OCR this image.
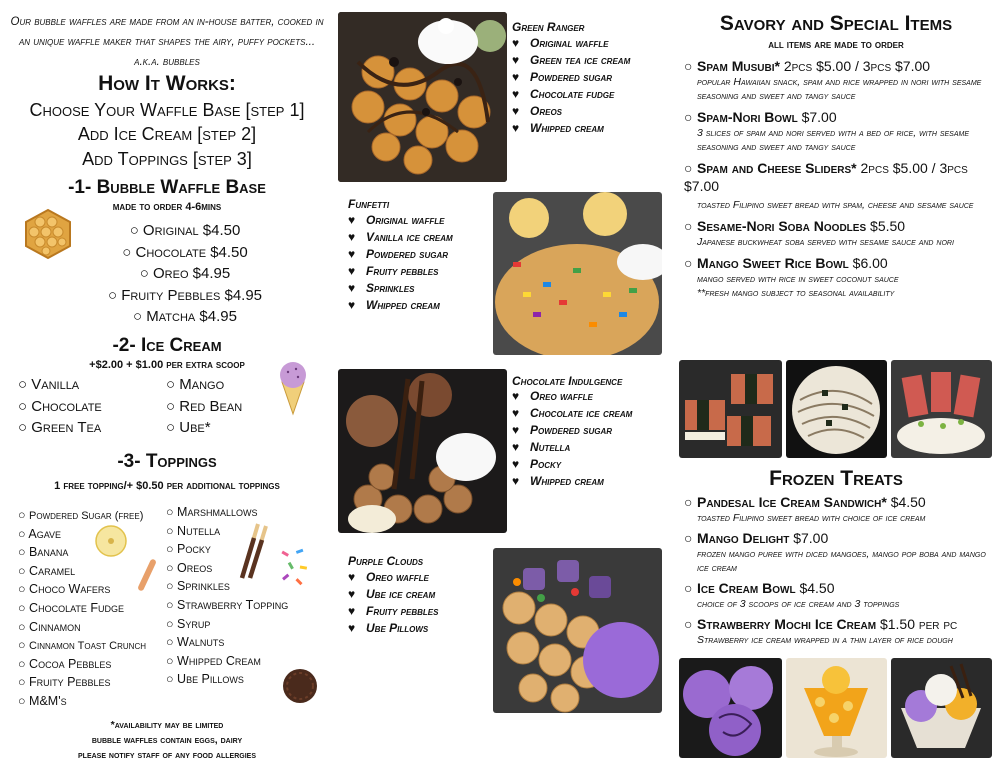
Our bubble waffles are made from an in-house batter, cooked in an unique waffle maker that shapes the airy, puffy pockets... a.k.a. bubbles
How It Works:
Choose Your Waffle Base [step 1]
Add Ice Cream [step 2]
Add Toppings [step 3]
-1- Bubble Waffle Base
made to order 4-6mins
○ Original $4.50
○ Chocolate $4.50
○ Oreo $4.95
○ Fruity Pebbles $4.95
○ Matcha $4.95
-2- Ice Cream
+$2.00 + $1.00 per extra scoop
○ Vanilla
○ Chocolate
○ Green Tea
○ Mango
○ Red Bean
○ Ube*
-3- Toppings
1 free topping/+ $0.50 per additional toppings
○ Powdered Sugar (free)
○ Agave
○ Banana
○ Caramel
○ Choco Wafers
○ Chocolate Fudge
○ Cinnamon
○ Cinnamon Toast Crunch
○ Cocoa Pebbles
○ Fruity Pebbles
○ M&M's
○ Marshmallows
○ Nutella
○ Pocky
○ Oreos
○ Sprinkles
○ Strawberry Topping
○ Syrup
○ Walnuts
○ Whipped Cream
○ Ube Pillows
*availability may be limited
bubble waffles contain eggs, dairy
please notify staff of any food allergies
Green Ranger
♥ Original waffle
♥ Green tea ice cream
♥ Powdered sugar
♥ Chocolate fudge
♥ Oreos
♥ Whipped cream
Funfetti
♥ Original waffle
♥ Vanilla ice cream
♥ Powdered sugar
♥ Fruity pebbles
♥ Sprinkles
♥ Whipped cream
Chocolate Indulgence
♥ Oreo waffle
♥ Chocolate ice cream
♥ Powdered sugar
♥ Nutella
♥ Pocky
♥ Whipped cream
Purple Clouds
♥ Oreo waffle
♥ Ube ice cream
♥ Fruity pebbles
♥ Ube Pillows
Savory and Special Items
all items are made to order
○ Spam Musubi* 2pcs $5.00 / 3pcs $7.00
popular Hawaiian snack, spam and rice wrapped in nori with sesame seasoning and sweet and tangy sauce
○ Spam-Nori Bowl $7.00
3 slices of spam and nori served with a bed of rice, with sesame seasoning and sweet and tangy sauce
○ Spam and Cheese Sliders* 2pcs $5.00 / 3pcs $7.00
toasted Filipino sweet bread with spam, cheese and sesame sauce
○ Sesame-Nori Soba Noodles $5.50
Japanese buckwheat soba served with sesame sauce and nori
○ Mango Sweet Rice Bowl $6.00
mango served with rice in sweet coconut sauce
**fresh mango subject to seasonal availability
Frozen Treats
○ Pandesal Ice Cream Sandwich* $4.50
toasted Filipino sweet bread with choice of ice cream
○ Mango Delight $7.00
frozen mango puree with diced mangoes, mango pop boba and mango ice cream
○ Ice Cream Bowl $4.50
choice of 3 scoops of ice cream and 3 toppings
○ Strawberry Mochi Ice Cream $1.50 per pc
Strawberry ice cream wrapped in a thin layer of rice dough
